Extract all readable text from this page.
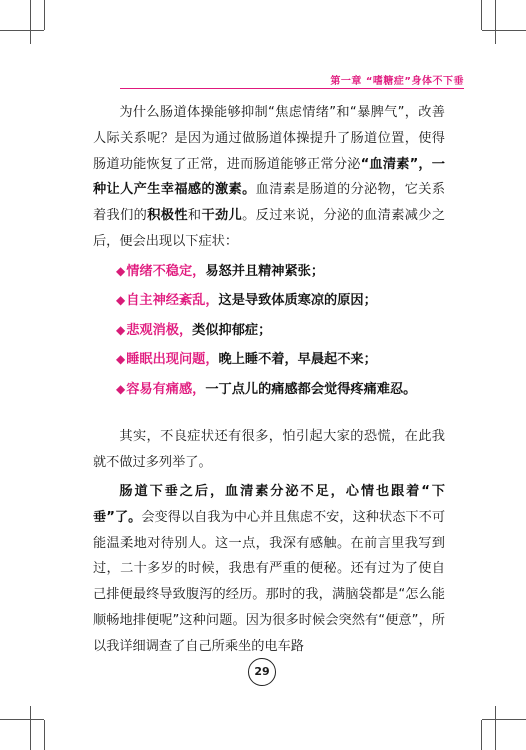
第一章 “嗜糖症”身体不下垂

为什么肠道体操能够抑制“焦虑情绪”和“暴脾气”，改善人际关系呢？是因为通过做肠道体操提升了肠道位置，使得肠道功能恢复了正常，进而肠道能够正常分泌“血清素”，一种让人产生幸福感的激素。血清素是肠道的分泌物，它关系着我们的积极性和干劲儿。反过来说，分泌的血清素减少之后，便会出现以下症状：

◆情绪不稳定，易怒并且精神紧张；
◆自主神经紊乱，这是导致体质寒凉的原因；
◆悲观消极，类似抑郁症；
◆睡眠出现问题，晚上睡不着，早晨起不来；
◆容易有痛感，一丁点儿的痛感都会觉得疼痛难忍。

其实，不良症状还有很多，怕引起大家的恐慌，在此我就不做过多列举了。

肠道下垂之后，血清素分泌不足，心情也跟着“下垂”了。会变得以自我为中心并且焦虑不安，这种状态下不可能温柔地对待别人。这一点，我深有感触。在前言里我写到过，二十多岁的时候，我患有严重的便秘。还有过为了使自己排便最终导致腹泻的经历。那时的我，满脑袋都是“怎么能顺畅地排便呢”这种问题。因为很多时候会突然有“便意”，所以我详细调查了自己所乘坐的电车路

29
